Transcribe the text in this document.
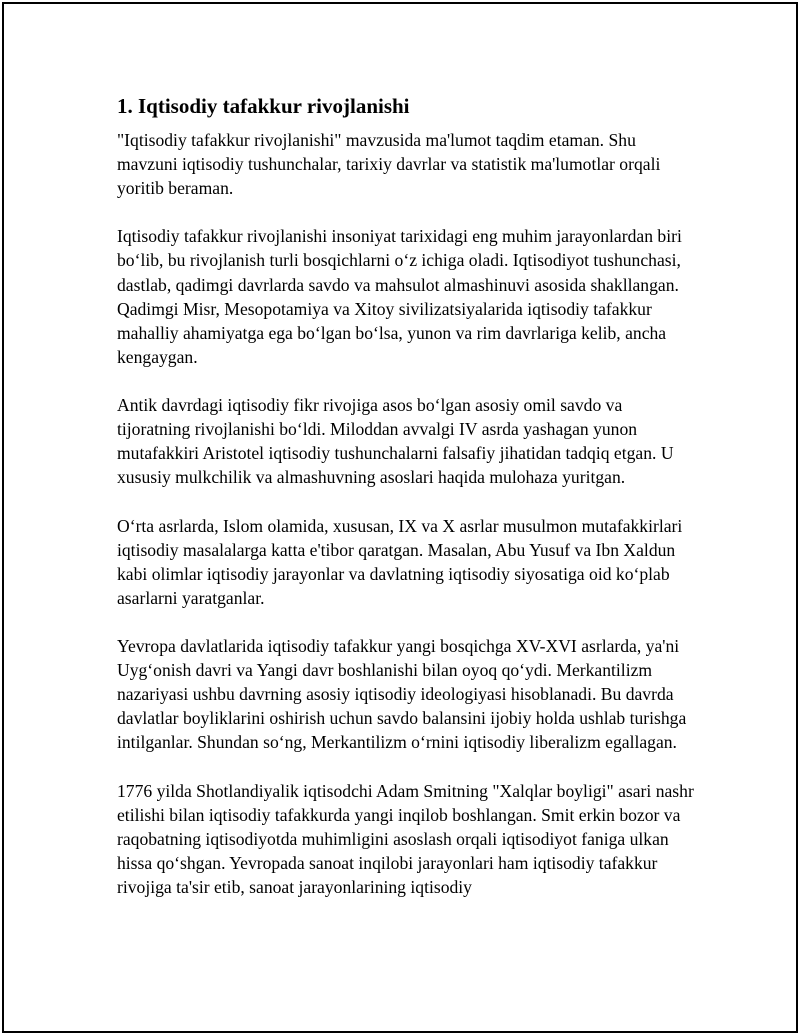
1. Iqtisodiy tafakkur rivojlanishi

"Iqtisodiy tafakkur rivojlanishi" mavzusida ma'lumot taqdim etaman. Shu mavzuni iqtisodiy tushunchalar, tarixiy davrlar va statistik ma'lumotlar orqali yoritib beraman.

Iqtisodiy tafakkur rivojlanishi insoniyat tarixidagi eng muhim jarayonlardan biri bo‘lib, bu rivojlanish turli bosqichlarni o‘z ichiga oladi. Iqtisodiyot tushunchasi, dastlab, qadimgi davrlarda savdo va mahsulot almashinuvi asosida shakllangan. Qadimgi Misr, Mesopotamiya va Xitoy sivilizatsiyalarida iqtisodiy tafakkur mahalliy ahamiyatga ega bo‘lgan bo‘lsa, yunon va rim davrlariga kelib, ancha kengaygan.

Antik davrdagi iqtisodiy fikr rivojiga asos bo‘lgan asosiy omil savdo va tijoratning rivojlanishi bo‘ldi. Miloddan avvalgi IV asrda yashagan yunon mutafakkiri Aristotel iqtisodiy tushunchalarni falsafiy jihatidan tadqiq etgan. U xususiy mulkchilik va almashuvning asoslari haqida mulohaza yuritgan.

O‘rta asrlarda, Islom olamida, xususan, IX va X asrlar musulmon mutafakkirlari iqtisodiy masalalarga katta e'tibor qaratgan. Masalan, Abu Yusuf va Ibn Xaldun kabi olimlar iqtisodiy jarayonlar va davlatning iqtisodiy siyosatiga oid ko‘plab asarlarni yaratganlar.

Yevropa davlatlarida iqtisodiy tafakkur yangi bosqichga XV-XVI asrlarda, ya'ni Uyg‘onish davri va Yangi davr boshlanishi bilan oyoq qo‘ydi. Merkantilizm nazariyasi ushbu davrning asosiy iqtisodiy ideologiyasi hisoblanadi. Bu davrda davlatlar boyliklarini oshirish uchun savdo balansini ijobiy holda ushlab turishga intilganlar. Shundan so‘ng, Merkantilizm o‘rnini iqtisodiy liberalizm egallagan.

1776 yilda Shotlandiyalik iqtisodchi Adam Smitning "Xalqlar boyligi" asari nashr etilishi bilan iqtisodiy tafakkurda yangi inqilob boshlangan. Smit erkin bozor va raqobatning iqtisodiyotda muhimligini asoslash orqali iqtisodiyot faniga ulkan hissa qo‘shgan. Yevropada sanoat inqilobi jarayonlari ham iqtisodiy tafakkur rivojiga ta'sir etib, sanoat jarayonlarining iqtisodiy
